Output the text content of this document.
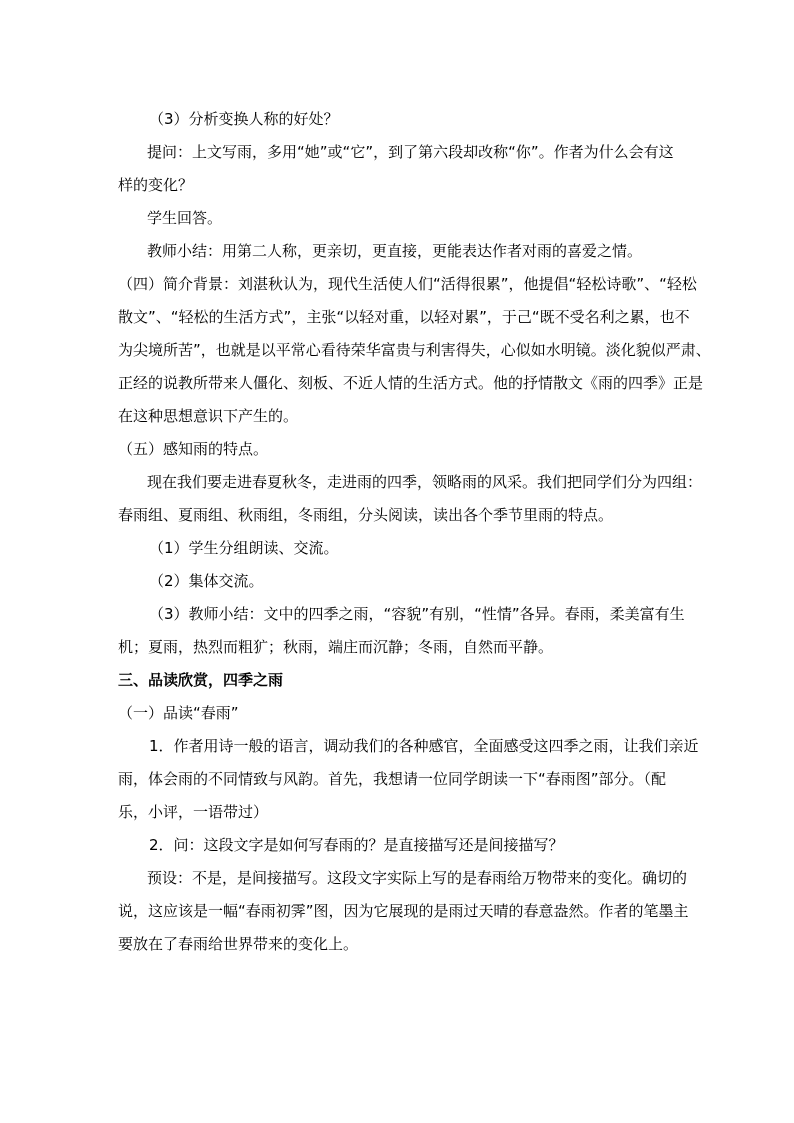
（3）分析变换人称的好处？
提问：上文写雨，多用“她”或“它”，到了第六段却改称“你”。作者为什么会有这
样的变化？
学生回答。
教师小结：用第二人称，更亲切，更直接，更能表达作者对雨的喜爱之情。
（四）简介背景：刘湛秋认为，现代生活使人们“活得很累”，他提倡“轻松诗歌”、“轻松
散文”、“轻松的生活方式”，主张“以轻对重，以轻对累”，于己“既不受名利之累，也不
为尖境所苦”，也就是以平常心看待荣华富贵与利害得失，心似如水明镜。淡化貌似严肃、
正经的说教所带来人僵化、刻板、不近人情的生活方式。他的抒情散文《雨的四季》正是
在这种思想意识下产生的。
（五）感知雨的特点。
现在我们要走进春夏秋冬，走进雨的四季，领略雨的风采。我们把同学们分为四组：
春雨组、夏雨组、秋雨组，冬雨组，分头阅读，读出各个季节里雨的特点。
（1）学生分组朗读、交流。
（2）集体交流。
（3）教师小结：文中的四季之雨，“容貌”有别，“性情”各异。春雨，柔美富有生
机；夏雨，热烈而粗犷；秋雨，端庄而沉静；冬雨，自然而平静。
三、品读欣赏，四季之雨
（一）品读“春雨”
1．作者用诗一般的语言，调动我们的各种感官，全面感受这四季之雨，让我们亲近
雨，体会雨的不同情致与风韵。首先，我想请一位同学朗读一下“春雨图”部分。（配
乐，小评，一语带过）
2．问：这段文字是如何写春雨的？是直接描写还是间接描写？
预设：不是，是间接描写。这段文字实际上写的是春雨给万物带来的变化。确切的
说，这应该是一幅“春雨初霁”图，因为它展现的是雨过天晴的春意盎然。作者的笔墨主
要放在了春雨给世界带来的变化上。
